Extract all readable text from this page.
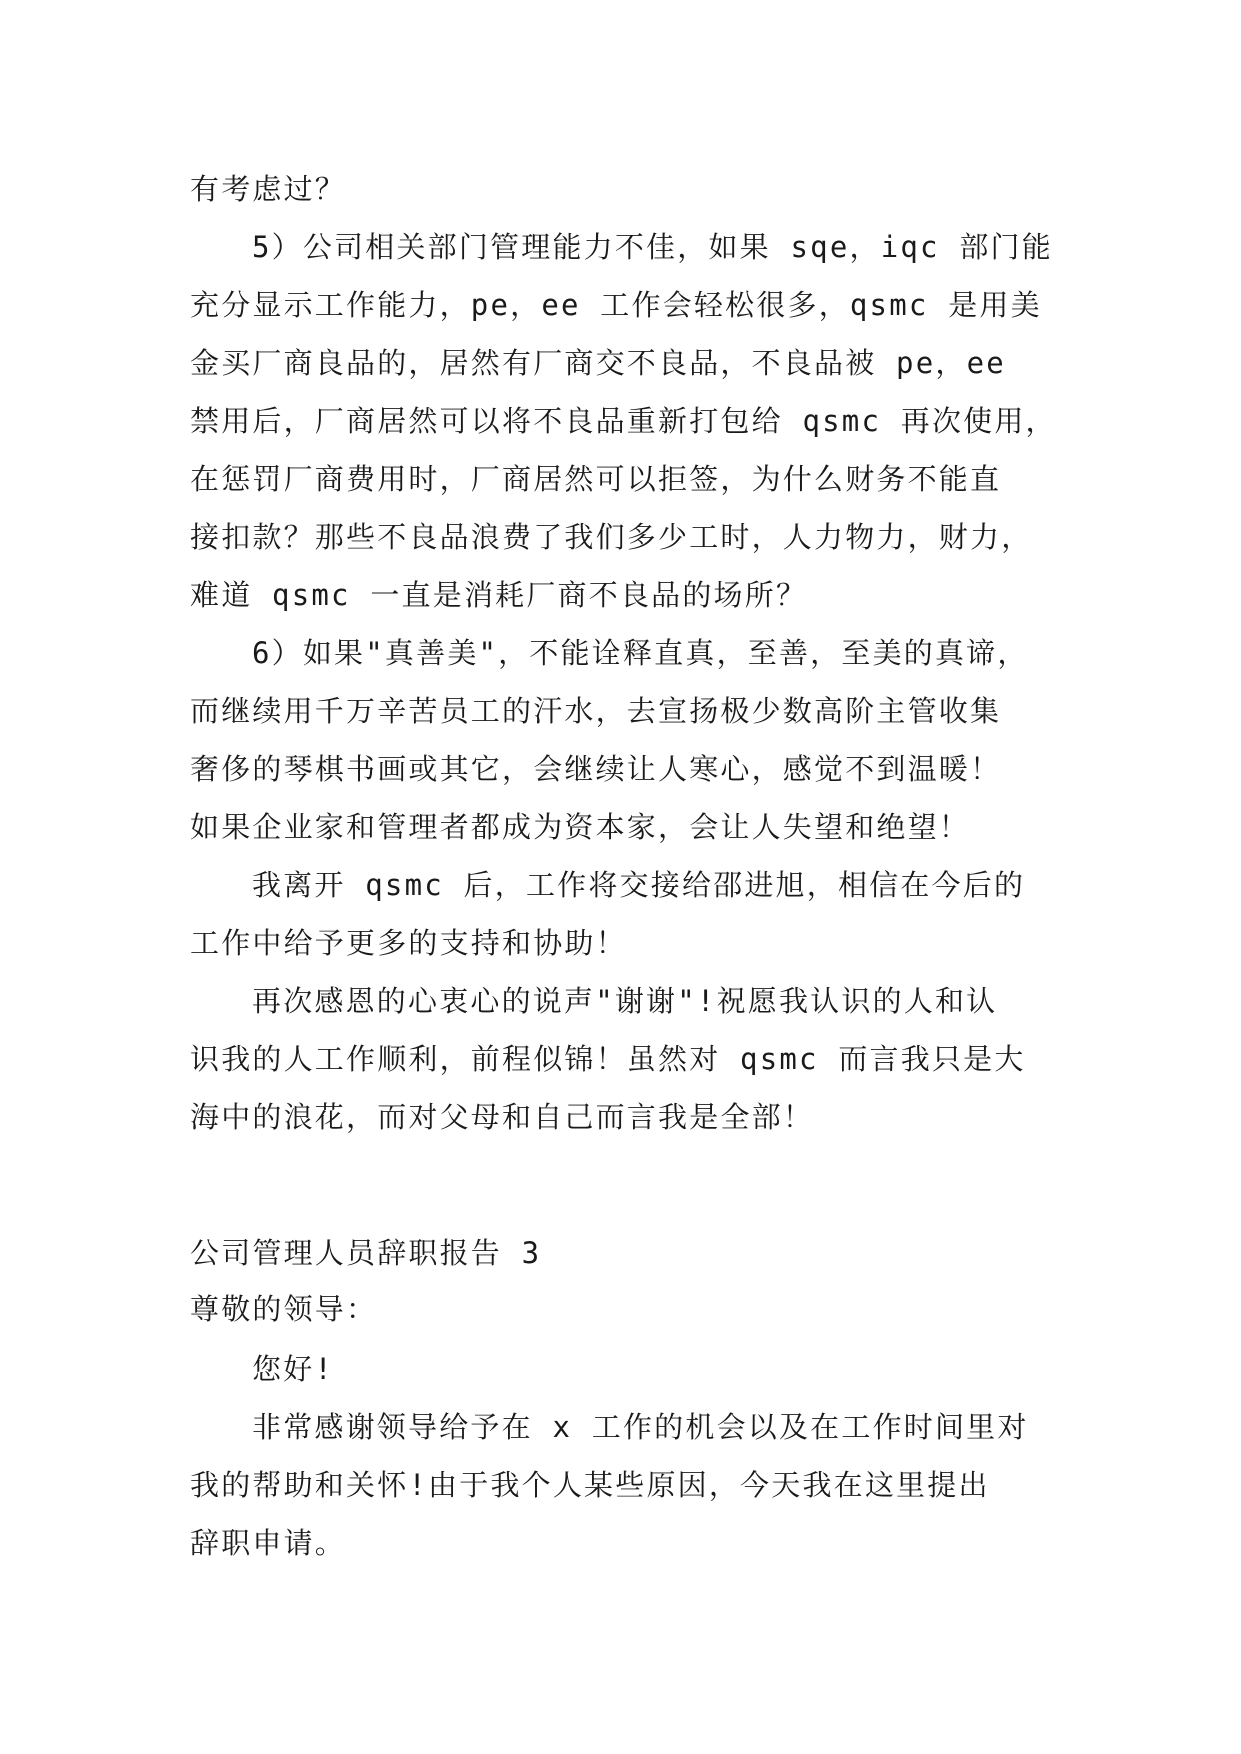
有考虑过？
5）公司相关部门管理能力不佳，如果 sqe，iqc 部门能
充分显示工作能力，pe，ee 工作会轻松很多，qsmc 是用美
金买厂商良品的，居然有厂商交不良品，不良品被 pe，ee
禁用后，厂商居然可以将不良品重新打包给 qsmc 再次使用，
在惩罚厂商费用时，厂商居然可以拒签，为什么财务不能直
接扣款？那些不良品浪费了我们多少工时，人力物力，财力，
难道 qsmc 一直是消耗厂商不良品的场所？
6）如果"真善美"，不能诠释直真，至善，至美的真谛，
而继续用千万辛苦员工的汗水，去宣扬极少数高阶主管收集
奢侈的琴棋书画或其它，会继续让人寒心，感觉不到温暖！
如果企业家和管理者都成为资本家，会让人失望和绝望！
我离开 qsmc 后，工作将交接给邵进旭，相信在今后的
工作中给予更多的支持和协助！
再次感恩的心衷心的说声"谢谢"!祝愿我认识的人和认
识我的人工作顺利，前程似锦！虽然对 qsmc 而言我只是大
海中的浪花，而对父母和自己而言我是全部！
公司管理人员辞职报告 3
尊敬的领导：
您好!
非常感谢领导给予在 x 工作的机会以及在工作时间里对
我的帮助和关怀!由于我个人某些原因，今天我在这里提出
辞职申请。
